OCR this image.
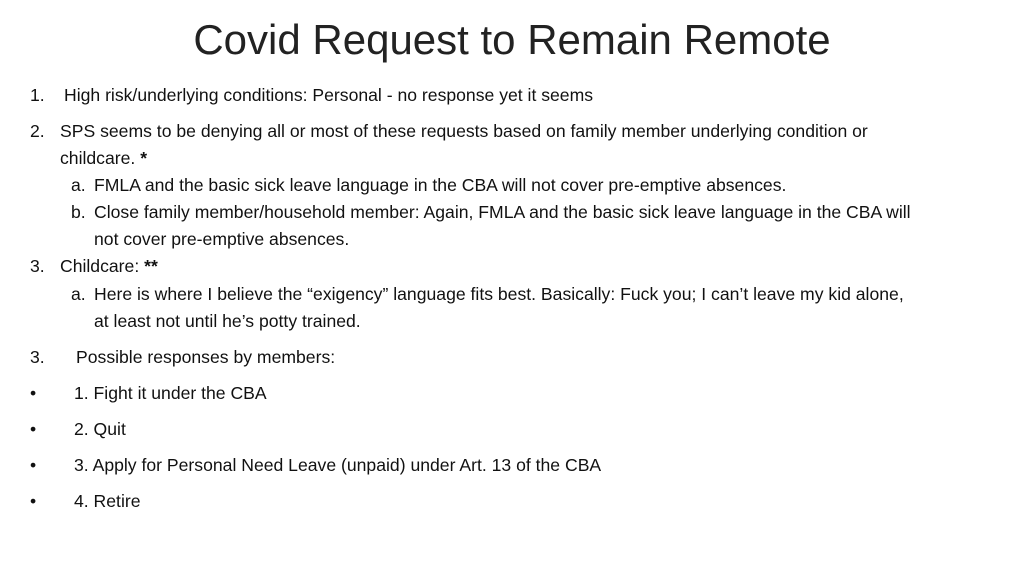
Covid Request to Remain Remote
1. High risk/underlying conditions: Personal - no response yet it seems
2. SPS seems to be denying all or most of these requests based on family member underlying condition or
childcare. *
a. FMLA and the basic sick leave language in the CBA will not cover pre-emptive absences.
b. Close family member/household member: Again, FMLA and the basic sick leave language in the CBA will
not cover pre-emptive absences.
3. Childcare: **
a. Here is where I believe the “exigency” language fits best. Basically: Fuck you; I can’t leave my kid alone,
at least not until he’s potty trained.
3. Possible responses by members:
• 1. Fight it under the CBA
• 2. Quit
• 3. Apply for Personal Need Leave (unpaid) under Art. 13 of the CBA
• 4. Retire
